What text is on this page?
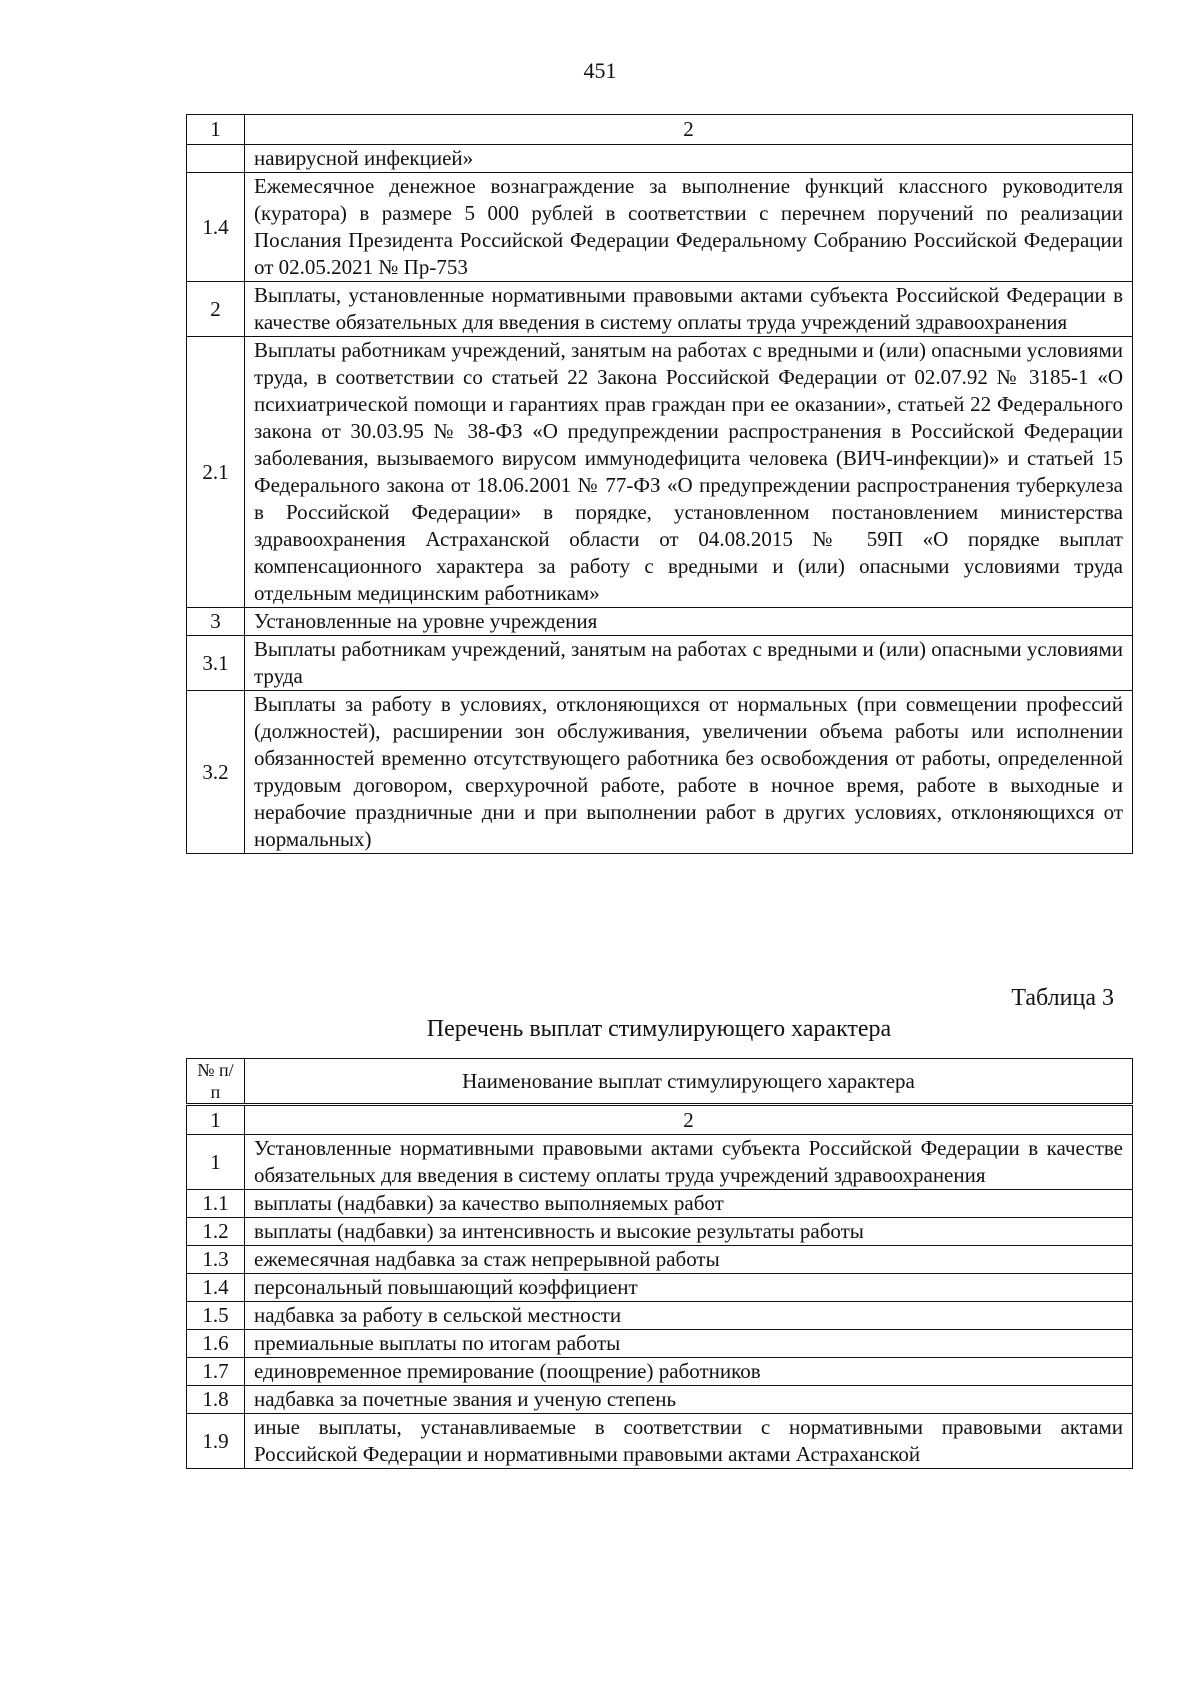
451
1	2
	навирусной инфекцией»
1.4	Ежемесячное денежное вознаграждение за выполнение функций классного руководителя (куратора) в размере 5 000 рублей в соответствии с перечнем поручений по реализации Послания Президента Российской Федерации Федеральному Собранию Российской Федерации от 02.05.2021 № Пр-753
2	Выплаты, установленные нормативными правовыми актами субъекта Российской Федерации в качестве обязательных для введения в систему оплаты труда учреждений здравоохранения
2.1	Выплаты работникам учреждений, занятым на работах с вредными и (или) опасными условиями труда, в соответствии со статьей 22 Закона Российской Федерации от 02.07.92 № 3185-1 «О психиатрической помощи и гарантиях прав граждан при ее оказании», статьей 22 Федерального закона от 30.03.95 № 38-ФЗ «О предупреждении распространения в Российской Федерации заболевания, вызываемого вирусом иммунодефицита человека (ВИЧ-инфекции)» и статьей 15 Федерального закона от 18.06.2001 № 77-ФЗ «О предупреждении распространения туберкулеза в Российской Федерации» в порядке, установленном постановлением министерства здравоохранения Астраханской области от 04.08.2015 № 59П «О порядке выплат компенсационного характера за работу с вредными и (или) опасными условиями труда отдельным медицинским работникам»
3	Установленные на уровне учреждения
3.1	Выплаты работникам учреждений, занятым на работах с вредными и (или) опасными условиями труда
3.2	Выплаты за работу в условиях, отклоняющихся от нормальных (при совмещении профессий (должностей), расширении зон обслуживания, увеличении объема работы или исполнении обязанностей временно отсутствующего работника без освобождения от работы, определенной трудовым договором, сверхурочной работе, работе в ночное время, работе в выходные и нерабочие праздничные дни и при выполнении работ в других условиях, отклоняющихся от нормальных)
Таблица 3
Перечень выплат стимулирующего характера
№ п/п	Наименование выплат стимулирующего характера
1	2
1	Установленные нормативными правовыми актами субъекта Российской Федерации в качестве обязательных для введения в систему оплаты труда учреждений здравоохранения
1.1	выплаты (надбавки) за качество выполняемых работ
1.2	выплаты (надбавки) за интенсивность и высокие результаты работы
1.3	ежемесячная надбавка за стаж непрерывной работы
1.4	персональный повышающий коэффициент
1.5	надбавка за работу в сельской местности
1.6	премиальные выплаты по итогам работы
1.7	единовременное премирование (поощрение) работников
1.8	надбавка за почетные звания и ученую степень
1.9	иные выплаты, устанавливаемые в соответствии с нормативными правовыми актами Российской Федерации и нормативными правовыми актами Астраханской
